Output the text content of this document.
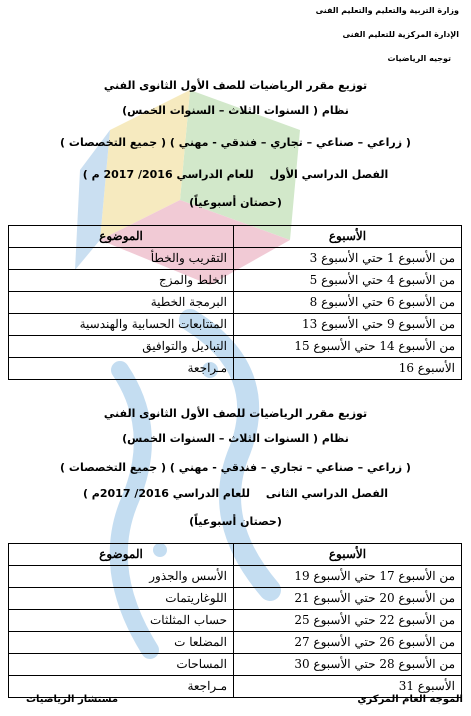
وزارة التربية والتعليم والتعليم الفنى
الإدارة المركزية للتعليم الفنى
توجيه الرياضيات
توزيع مقرر الرياضيات للصف الأول الثانوى الفني
نظام ( السنوات الثلاث – السنوات الخمس)
( زراعي – صناعي – تجاري – فندقي - مهني ) ( جميع التخصصات )
الفصل الدراسي الأول للعام الدراسي 2016/ 2017 م )
(حصتان أسبوعياً)
الأسبوع	الموضوع
من الأسبوع 1 حتي الأسبوع 3	التقريب والخطأ
من الأسبوع 4 حتي الأسبوع 5	الخلط والمزج
من الأسبوع 6 حتي الأسبوع 8	البرمجة الخطية
من الأسبوع 9 حتي الأسبوع 13	المتتابعات الحسابية والهندسية
من الأسبوع 14 حتي الأسبوع 15	التباديل والتوافيق
الأسبوع 16	مـراجعة
توزيع مقرر الرياضيات للصف الأول الثانوى الفني
نظام ( السنوات الثلاث – السنوات الخمس)
( زراعي – صناعي – تجاري – فندقي - مهني ) ( جميع التخصصات )
الفصل الدراسي الثانى للعام الدراسي 2016/ 2017م )
(حصتان أسبوعياً)
الأسبوع	الموضوع
من الأسبوع 17 حتي الأسبوع 19	الأسس والجذور
من الأسبوع 20 حتي الأسبوع 21	اللوغاريتمات
من الأسبوع 22 حتي الأسبوع 25	حساب المثلثات
من الأسبوع 26 حتي الأسبوع 27	المضلعا ت
من الأسبوع 28 حتي الأسبوع 30	المساحات
الأسبوع 31	مـراجعة
الموجه العام المركزي
مستشار الرياضيات
